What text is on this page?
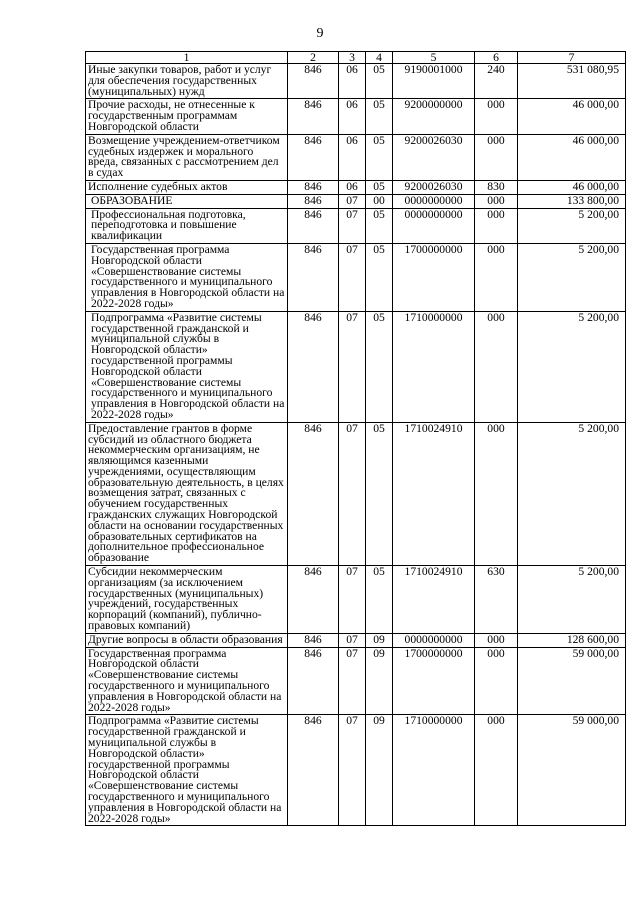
9
1	2	3	4	5	6	7

Иные закупки товаров, работ и услуг для обеспечения государственных (муниципальных) нужд	846	06	05	9190001000	240	531 080,95

Прочие расходы, не отнесенные к государственным программам Новгородской области	846	06	05	9200000000	000	46 000,00

Возмещение учреждением-ответчиком судебных издержек и морального вреда, связанных с рассмотрением дел в судах	846	06	05	9200026030	000	46 000,00

Исполнение судебных актов	846	06	05	9200026030	830	46 000,00

ОБРАЗОВАНИЕ	846	07	00	0000000000	000	133 800,00

Профессиональная подготовка, переподготовка и повышение квалификации	846	07	05	0000000000	000	5 200,00

Государственная программа Новгородской области «Совершенствование системы государственного и муниципального управления в Новгородской области на 2022-2028 годы»	846	07	05	1700000000	000	5 200,00

Подпрограмма «Развитие системы государственной гражданской и муниципальной службы в Новгородской области» государственной программы Новгородской области «Совершенствование системы государственного и муниципального управления в Новгородской области на 2022-2028 годы»	846	07	05	1710000000	000	5 200,00

Предоставление грантов в форме субсидий из областного бюджета некоммерческим организациям, не являющимся казенными учреждениями, осуществляющим образовательную деятельность, в целях возмещения затрат, связанных с обучением государственных гражданских служащих Новгородской области на основании государственных образовательных сертификатов на дополнительное профессиональное образование	846	07	05	1710024910	000	5 200,00

Субсидии некоммерческим организациям (за исключением государственных (муниципальных) учреждений, государственных корпораций (компаний), публично-правовых компаний)	846	07	05	1710024910	630	5 200,00

Другие вопросы в области образования	846	07	09	0000000000	000	128 600,00

Государственная программа Новгородской области «Совершенствование системы государственного и муниципального управления в Новгородской области на 2022-2028 годы»	846	07	09	1700000000	000	59 000,00

Подпрограмма «Развитие системы государственной гражданской и муниципальной службы в Новгородской области» государственной программы Новгородской области «Совершенствование системы государственного и муниципального управления в Новгородской области на 2022-2028 годы»	846	07	09	1710000000	000	59 000,00
